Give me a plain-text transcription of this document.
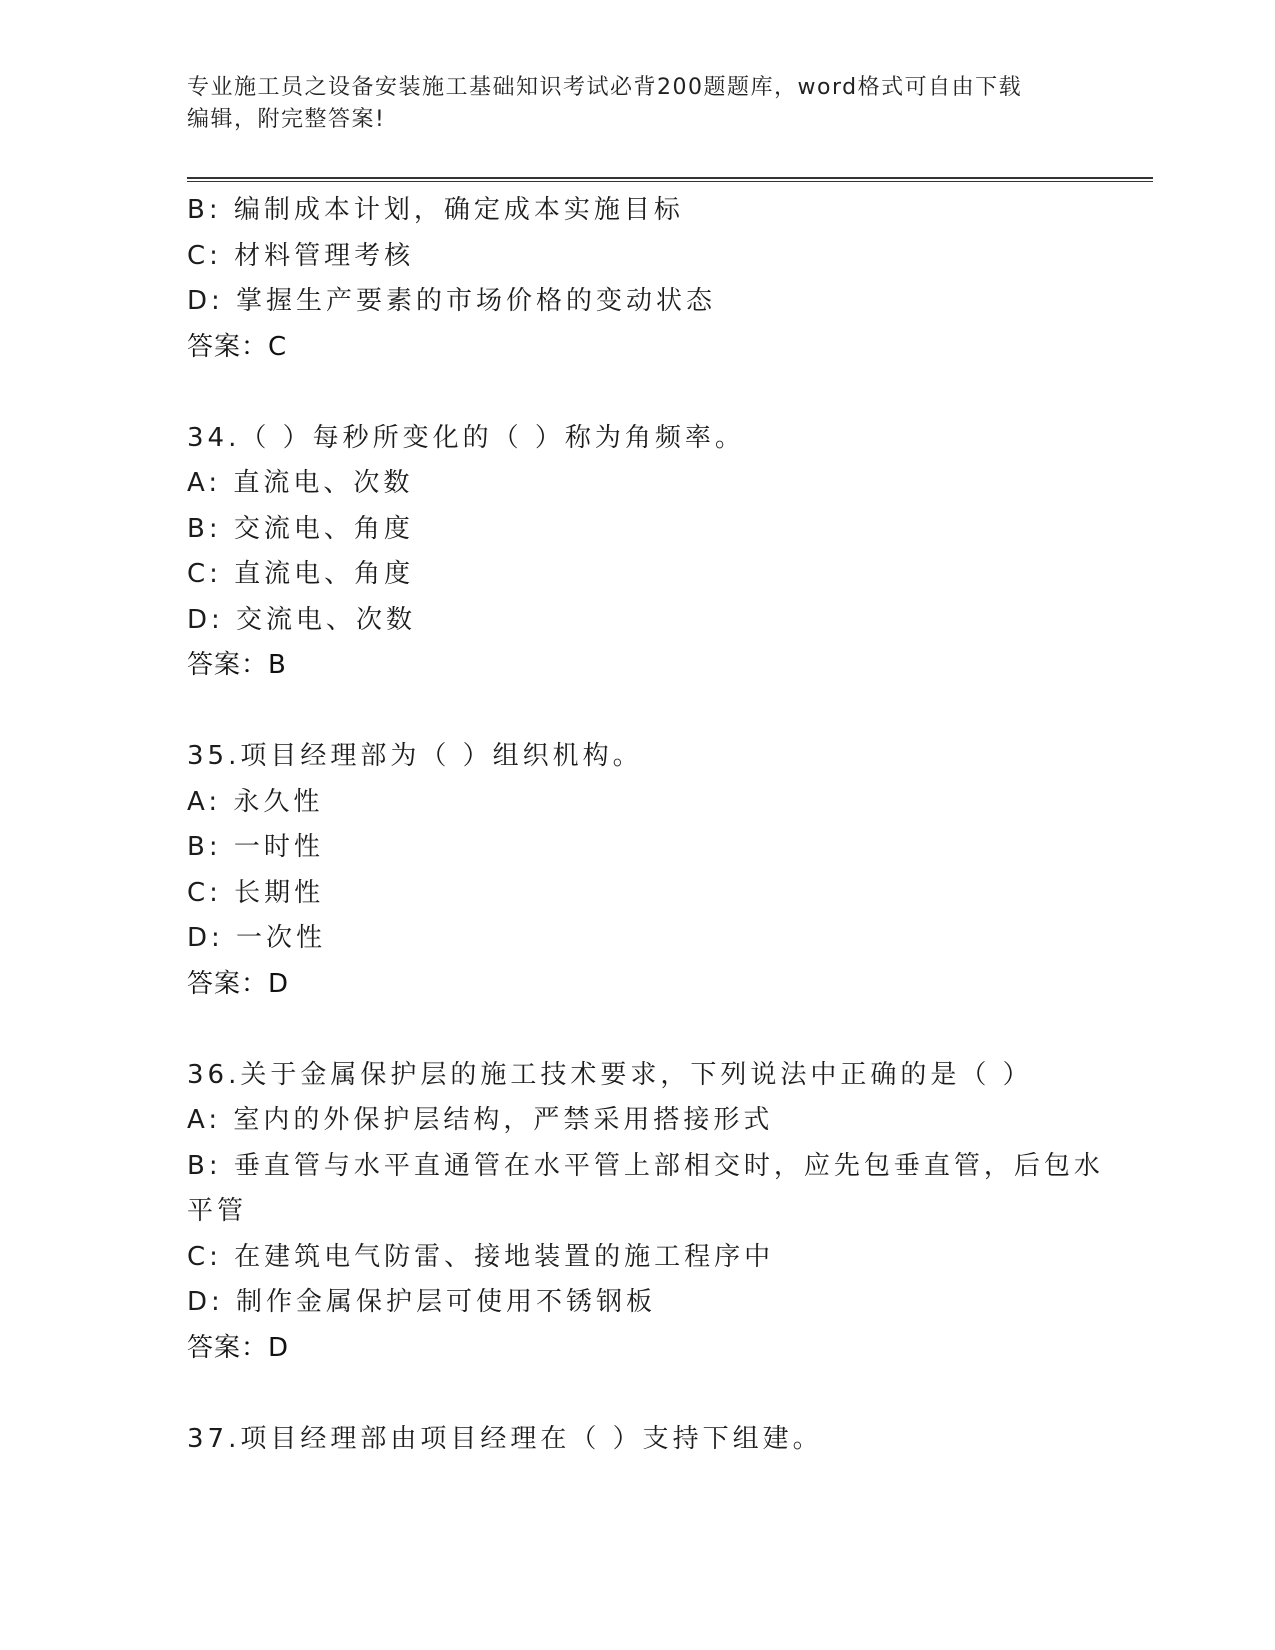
专业施工员之设备安装施工基础知识考试必背200题题库，word格式可自由下载
编辑，附完整答案!
B: 编制成本计划，确定成本实施目标
C: 材料管理考核
D: 掌握生产要素的市场价格的变动状态
答案：C
34.（ ）每秒所变化的（ ）称为角频率。
A: 直流电、次数
B: 交流电、角度
C: 直流电、角度
D: 交流电、次数
答案：B
35.项目经理部为（ ）组织机构。
A: 永久性
B: 一时性
C: 长期性
D: 一次性
答案：D
36.关于金属保护层的施工技术要求，下列说法中正确的是（ ）
A: 室内的外保护层结构，严禁采用搭接形式
B: 垂直管与水平直通管在水平管上部相交时，应先包垂直管，后包水
平管
C: 在建筑电气防雷、接地装置的施工程序中
D: 制作金属保护层可使用不锈钢板
答案：D
37.项目经理部由项目经理在（ ）支持下组建。
